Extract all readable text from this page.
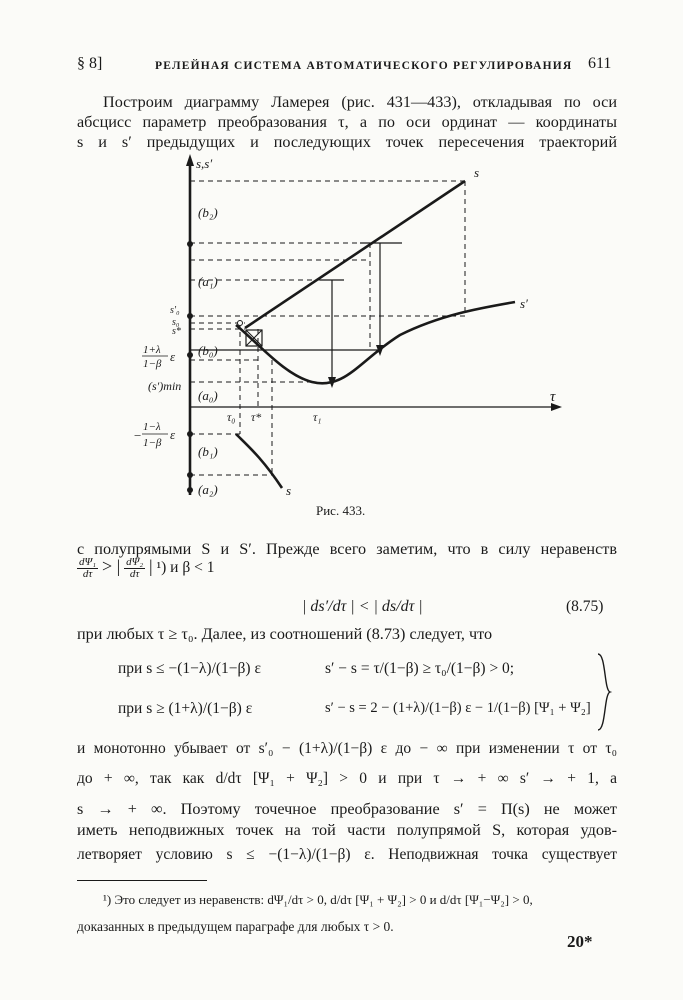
§ 8]	РЕЛЕЙНАЯ СИСТЕМА АВТОМАТИЧЕСКОГО РЕГУЛИРОВАНИЯ 611
Построим диаграмму Ламерея (рис. 431—433), откладывая по оси
абсцисс параметр преобразования τ, а по оси ординат — координаты
s и s′ предыдущих и последующих точек пересечения траекторий
s,s′
τ
s
s′
s
(b₂)
(a₁)
(b₀)
(a₀)
(b₁)
(a₂)
s′₀
s₀
s*
(s′)min
1+λ
1−β ε
−
1−λ
1−β
ε
τ₀ τ*	τ₁
Рис. 433.
с полупрямыми S и S′. Прежде всего заметим, что в силу неравенств
$\frac{\text{dΨ₁}}{d\tau}$ > | $\frac{\text{dΨ₂}}{d\tau}$ | ¹) и β < 1
| ds′/dτ | < | ds/dτ |	(8.75)
при любых τ ≥ τ₀. Далее, из соотношений (8.73) следует, что
при s ≤ −(1−λ)/(1−β) ε	s′ − s = τ/(1−β) ≥ τ₀/(1−β) > 0;
при s ≥ (1+λ)/(1−β) ε	s′ − s = 2 − (1+λ)/(1−β) ε − 1/(1−β) [Ψ₁ + Ψ₂]
и монотонно убывает от s′₀ − (1+λ)/(1−β) ε до − ∞ при изменении τ от τ₀
до + ∞, так как d/dτ [Ψ₁ + Ψ₂] > 0 и при τ → + ∞ s′ → + 1, а
s → + ∞. Поэтому точечное преобразование s′ = Π(s) не может
иметь неподвижных точек на той части полупрямой S, которая удов-
летворяет условию s ≤ −(1−λ)/(1−β) ε. Неподвижная точка существует
¹) Это следует из неравенств: dΨ₁/dτ > 0, d/dτ [Ψ₁ + Ψ₂] > 0 и d/dτ [Ψ₁−Ψ₂] > 0,
доказанных в предыдущем параграфе для любых τ > 0.
20*
